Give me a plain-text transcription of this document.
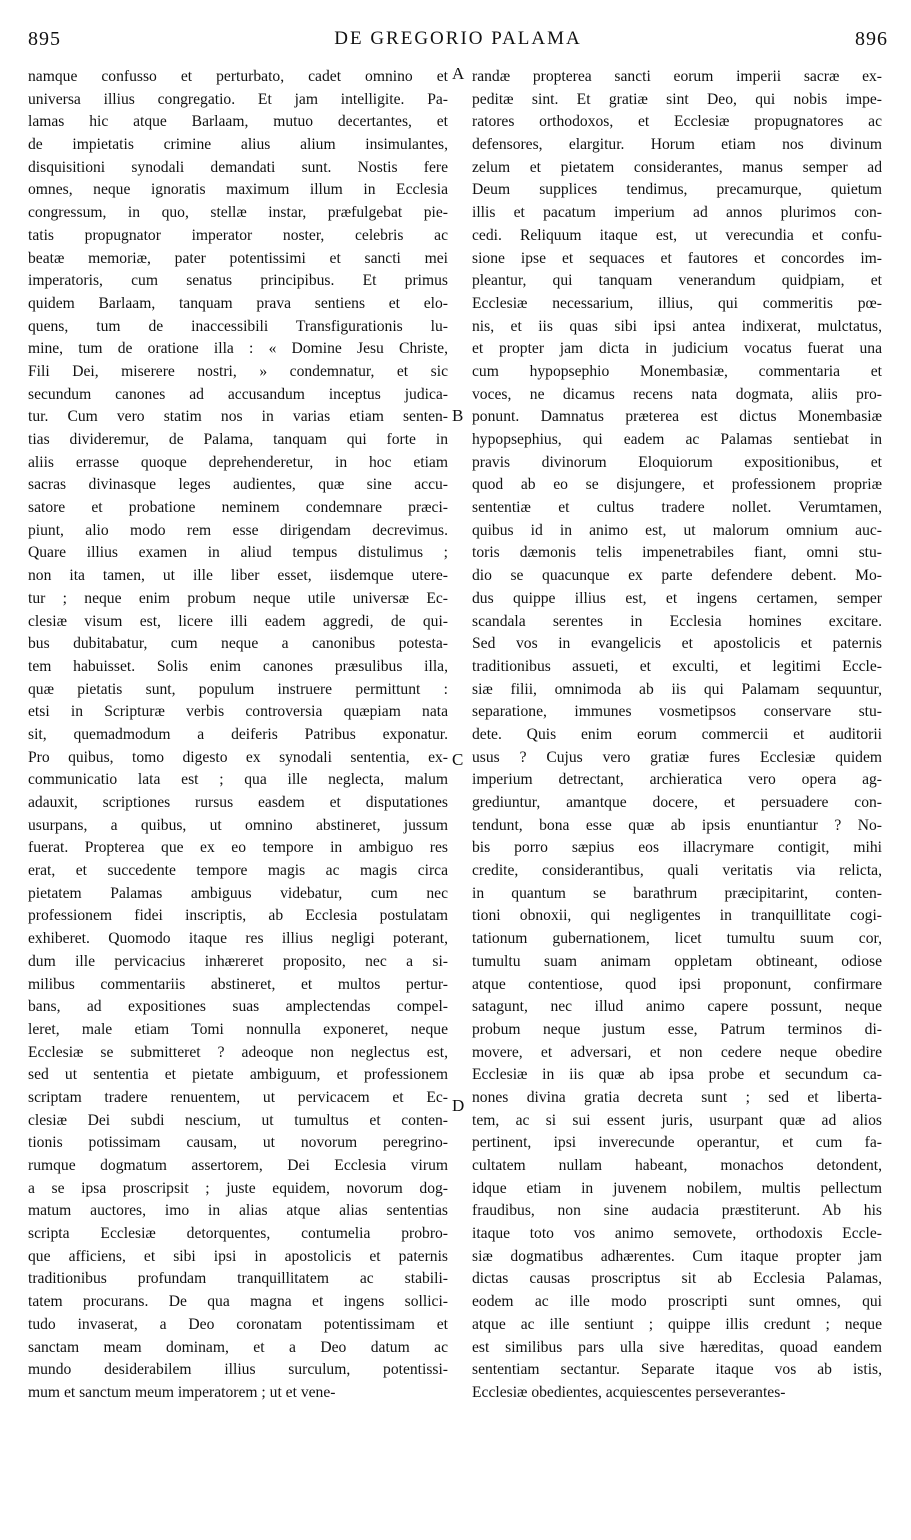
895	DE GREGORIO PALAMA	896
namque confusso et perturbato, cadet omnino et
universa illius congregatio. Et jam intelligite. Pa-
lamas hic atque Barlaam, mutuo decertantes, et
de impietatis crimine alius alium insimulantes,
disquisitioni synodali demandati sunt. Nostis fere
omnes, neque ignoratis maximum illum in Ecclesia
congressum, in quo, stellæ instar, præfulgebat pie-
tatis propugnator imperator noster, celebris ac
beatæ memoriæ, pater potentissimi et sancti mei
imperatoris, cum senatus principibus. Et primus
quidem Barlaam, tanquam prava sentiens et elo-
quens, tum de inaccessibili Transfigurationis lu-
mine, tum de oratione illa : « Domine Jesu Christe,
Fili Dei, miserere nostri, » condemnatur, et sic
secundum canones ad accusandum inceptus judica-
tur. Cum vero statim nos in varias etiam senten-
tias divideremur, de Palama, tanquam qui forte in
aliis errasse quoque deprehenderetur, in hoc etiam
sacras divinasque leges audientes, quæ sine accu-
satore et probatione neminem condemnare præci-
piunt, alio modo rem esse dirigendam decrevimus.
Quare illius examen in aliud tempus distulimus ;
non ita tamen, ut ille liber esset, iisdemque utere-
tur ; neque enim probum neque utile universæ Ec-
clesiæ visum est, licere illi eadem aggredi, de qui-
bus dubitabatur, cum neque a canonibus potesta-
tem habuisset. Solis enim canones præsulibus illa,
quæ pietatis sunt, populum instruere permittunt :
etsi in Scripturæ verbis controversia quæpiam nata
sit, quemadmodum a deiferis Patribus exponatur.
Pro quibus, tomo digesto ex synodali sententia, ex-
communicatio lata est ; qua ille neglecta, malum
adauxit, scriptiones rursus easdem et disputationes
usurpans, a quibus, ut omnino abstineret, jussum
fuerat. Propterea que ex eo tempore in ambiguo res
erat, et succedente tempore magis ac magis circa
pietatem Palamas ambiguus videbatur, cum nec
professionem fidei inscriptis, ab Ecclesia postulatam
exhiberet. Quomodo itaque res illius negligi poterant,
dum ille pervicacius inhæreret proposito, nec a si-
milibus commentariis abstineret, et multos pertur-
bans, ad expositiones suas amplectendas compel-
leret, male etiam Tomi nonnulla exponeret, neque
Ecclesiæ se submitteret ? adeoque non neglectus est,
sed ut sententia et pietate ambiguum, et professionem
scriptam tradere renuentem, ut pervicacem et Ec-
clesiæ Dei subdi nescium, ut tumultus et conten-
tionis potissimam causam, ut novorum peregrino-
rumque dogmatum assertorem, Dei Ecclesia virum
a se ipsa proscripsit ; juste equidem, novorum dog-
matum auctores, imo in alias atque alias sententias
scripta Ecclesiæ detorquentes, contumelia probro-
que afficiens, et sibi ipsi in apostolicis et paternis
traditionibus profundam tranquillitatem ac stabili-
tatem procurans. De qua magna et ingens sollici-
tudo invaserat, a Deo coronatam potentissimam et
sanctam meam dominam, et a Deo datum ac
mundo desiderabilem illius surculum, potentissi-
mum et sanctum meum imperatorem ; ut et vene-
randæ propterea sancti eorum imperii sacræ ex-
peditæ sint. Et gratiæ sint Deo, qui nobis impe-
ratores orthodoxos, et Ecclesiæ propugnatores ac
defensores, elargitur. Horum etiam nos divinum
zelum et pietatem considerantes, manus semper ad
Deum supplices tendimus, precamurque, quietum
illis et pacatum imperium ad annos plurimos con-
cedi. Reliquum itaque est, ut verecundia et confu-
sione ipse et sequaces et fautores et concordes im-
pleantur, qui tanquam venerandum quidpiam, et
Ecclesiæ necessarium, illius, qui commeritis pœ-
nis, et iis quas sibi ipsi antea indixerat, mulctatus,
et propter jam dicta in judicium vocatus fuerat una
cum hypopsephio Monembasiæ, commentaria et
voces, ne dicamus recens nata dogmata, aliis pro-
ponunt. Damnatus præterea est dictus Monembasiæ
hypopsephius, qui eadem ac Palamas sentiebat in
pravis divinorum Eloquiorum expositionibus, et
quod ab eo se disjungere, et professionem propriæ
sententiæ et cultus tradere nollet. Verumtamen,
quibus id in animo est, ut malorum omnium auc-
toris dæmonis telis impenetrabiles fiant, omni stu-
dio se quacunque ex parte defendere debent. Mo-
dus quippe illius est, et ingens certamen, semper
scandala serentes in Ecclesia homines excitare.
Sed vos in evangelicis et apostolicis et paternis
traditionibus assueti, et exculti, et legitimi Eccle-
siæ filii, omnimoda ab iis qui Palamam sequuntur,
separatione, immunes vosmetipsos conservare stu-
dete. Quis enim eorum commercii et auditorii
usus ? Cujus vero gratiæ fures Ecclesiæ quidem
imperium detrectant, archieratica vero opera ag-
grediuntur, amantque docere, et persuadere con-
tendunt, bona esse quæ ab ipsis enuntiantur ? No-
bis porro sæpius eos illacrymare contigit, mihi
credite, considerantibus, quali veritatis via relicta,
in quantum se barathrum præcipitarint, conten-
tioni obnoxii, qui negligentes in tranquillitate cogi-
tationum gubernationem, licet tumultu suum cor,
tumultu suam animam oppletam obtineant, odiose
atque contentiose, quod ipsi proponunt, confirmare
satagunt, nec illud animo capere possunt, neque
probum neque justum esse, Patrum terminos di-
movere, et adversari, et non cedere neque obedire
Ecclesiæ in iis quæ ab ipsa probe et secundum ca-
nones divina gratia decreta sunt ; sed et liberta-
tem, ac si sui essent juris, usurpant quæ ad alios
pertinent, ipsi inverecunde operantur, et cum fa-
cultatem nullam habeant, monachos detondent,
idque etiam in juvenem nobilem, multis pellectum
fraudibus, non sine audacia præstiterunt. Ab his
itaque toto vos animo semovete, orthodoxis Eccle-
siæ dogmatibus adhærentes. Cum itaque propter jam
dictas causas proscriptus sit ab Ecclesia Palamas,
eodem ac ille modo proscripti sunt omnes, qui
atque ac ille sentiunt ; quippe illis credunt ; neque
est similibus pars ulla sive hæreditas, quoad eandem
sententiam sectantur. Separate itaque vos ab istis,
Ecclesiæ obedientes, acquiescentes perseverantes-
A
B
C
D
